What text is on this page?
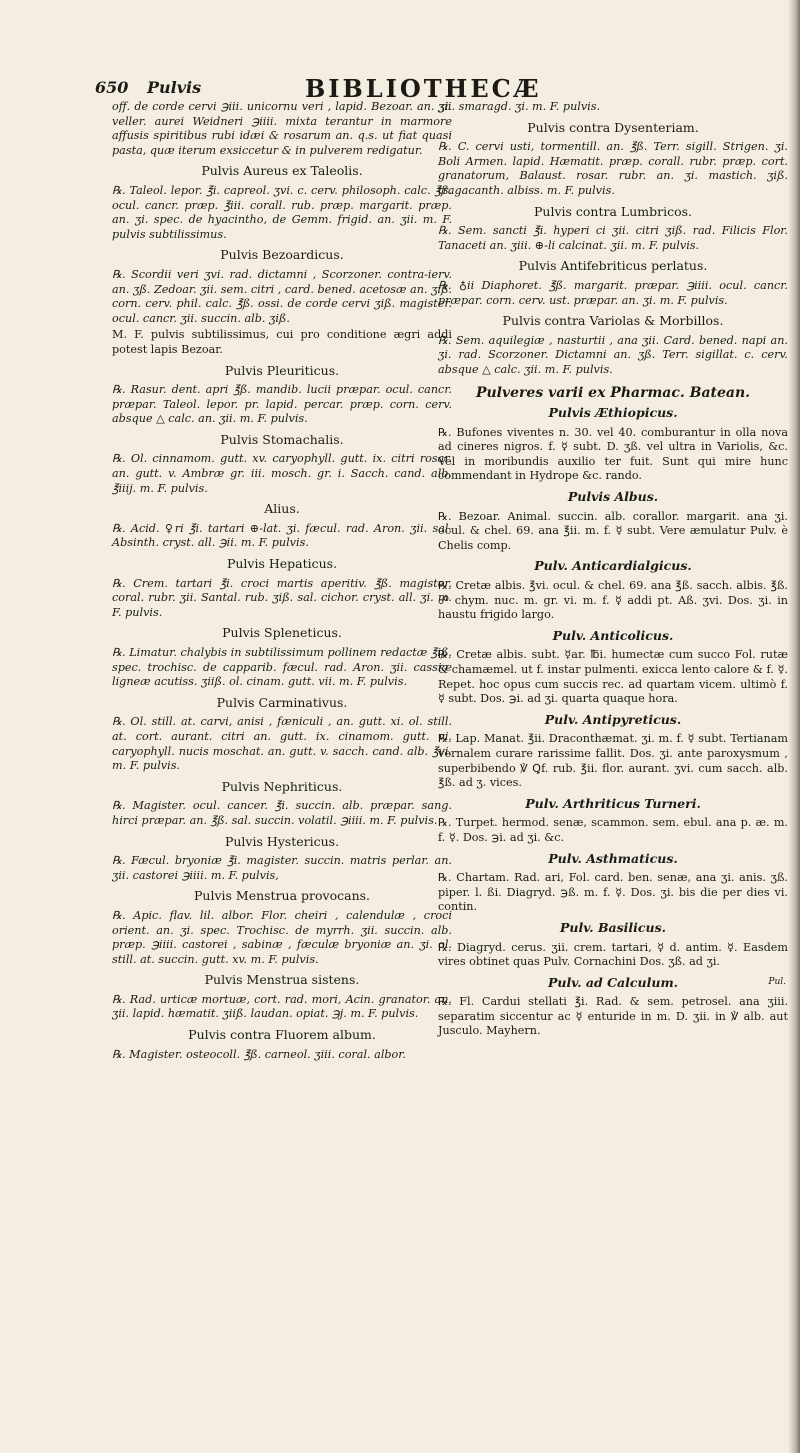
650 Pulvis	BIBLIOTHECÆ
off. de corde cervi ℈iii. unicornu veri , lapid. Bezoar. an. ʒi. veller. aurei Weidneri ℈iiii. mixta terantur in marmore affusis spiritibus rubi idæi & rosarum an. q.s. ut fiat quasi pasta, quæ iterum exsiccetur & in pulverem redigatur.
Pulvis Aureus ex Taleolis.
℞. Taleol. lepor. ℥i. capreol. ʒvi. c. cerv. philosoph. calc. ℥ß. ocul. cancr. præp. ℥iii. corall. rub. præp. margarit. præp. an. ʒi. spec. de hyacintho, de Gemm. frigid. an. ʒii. m. F. pulvis subtilissimus.
Pulvis Bezoardicus.
℞. Scordii veri ʒvi. rad. dictamni , Scorzoner. contra-ierv. an. ʒß. Zedoar. ʒii. sem. citri , card. bened. acetosæ an. ʒiß. corn. cerv. phil. calc. ℥ß. ossi. de corde cervi ʒiß. magister. ocul. cancr. ʒii. succin. alb. ʒiß.
M. F. pulvis subtilissimus, cui pro conditione ægri addi potest lapis Bezoar.
Pulvis Pleuriticus.
℞. Rasur. dent. apri ℥ß. mandib. lucii præpar. ocul. cancr. præpar. Taleol. lepor. pr. lapid. percar. præp. corn. cerv. absque △ calc. an. ʒii. m. F. pulvis.
Pulvis Stomachalis.
℞. Ol. cinnamom. gutt. xv. caryophyll. gutt. ix. citri rosar. an. gutt. v. Ambræ gr. iii. mosch. gr. i. Sacch. cand. alb. ℥iiij. m. F. pulvis.
Alius.
℞. Acid. ♀ri ℥i. tartari ⊕-lat. ʒi. fæcul. rad. Aron. ʒii. sal. Absinth. cryst. all. ℈ii. m. F. pulvis.
Pulvis Hepaticus.
℞. Crem. tartari ℥i. croci martis aperitiv. ℥ß. magister. coral. rubr. ʒii. Santal. rub. ʒiß. sal. cichor. cryst. all. ʒi. m. F. pulvis.
Pulvis Spleneticus.
℞. Limatur. chalybis in subtilissimum pollinem redactæ ℥iß. spec. trochisc. de capparib. fæcul. rad. Aron. ʒii. cassiæ ligneæ acutiss. ʒiiß. ol. cinam. gutt. vii. m. F. pulvis.
Pulvis Carminativus.
℞. Ol. still. at. carvi, anisi , fæniculi , an. gutt. xi. ol. still. at. cort. aurant. citri an. gutt. ix. cinamom. gutt. vi. caryophyll. nucis moschat. an. gutt. v. sacch. cand. alb. ℥vi. m. F. pulvis.
Pulvis Nephriticus.
℞. Magister. ocul. cancer. ℥i. succin. alb. præpar. sang. hirci præpar. an. ℥ß. sal. succin. volatil. ℈iiii. m. F. pulvis.
Pulvis Hystericus.
℞. Fæcul. bryoniæ ℥i. magister. succin. matris perlar. an. ʒii. castorei ℈iiii. m. F. pulvis,
Pulvis Menstrua provocans.
℞. Apic. flav. lil. albor. Flor. cheiri , calendulæ , croci orient. an. ʒi. spec. Trochisc. de myrrh. ʒii. succin. alb. præp. ℈iiii. castorei , sabinæ , fæculæ bryoniæ an. ʒi. ol. still. at. succin. gutt. xv. m. F. pulvis.
Pulvis Menstrua sistens.
℞. Rad. urticæ mortuæ, cort. rad. mori, Acin. granator. an. ʒii. lapid. hæmatit. ʒiiß. laudan. opiat. ℈j. m. F. pulvis.
Pulvis contra Fluorem album.
℞. Magister. osteocoll. ℥ß. carneol. ʒiii. coral. albor.
ʒii. smaragd. ʒi. m. F. pulvis.
Pulvis contra Dysenteriam.
℞. C. cervi usti, tormentill. an. ℥ß. Terr. sigill. Strigen. ʒi. Boli Armen. lapid. Hæmatit. præp. corall. rubr. præp. cort. granatorum, Balaust. rosar. rubr. an. ʒi. mastich. ʒiß. tragacanth. albiss. m. F. pulvis.
Pulvis contra Lumbricos.
℞. Sem. sancti ℥i. hyperi ci ʒii. citri ʒiß. rad. Filicis Flor. Tanaceti an. ʒiii. ⊕-li calcinat. ʒii. m. F. pulvis.
Pulvis Antifebriticus perlatus.
℞. ♁ii Diaphoret. ℥ß. margarit. præpar. ℈iiii. ocul. cancr. præpar. corn. cerv. ust. præpar. an. ʒi. m. F. pulvis.
Pulvis contra Variolas & Morbillos.
℞. Sem. aquilegiæ , nasturtii , ana ʒii. Card. bened. napi an. ʒi. rad. Scorzoner. Dictamni an. ʒß. Terr. sigillat. c. cerv. absque △ calc. ʒii. m. F. pulvis.
Pulveres varii ex Pharmac. Batean.
Pulvis Æthiopicus.
℞. Bufones viventes n. 30. vel 40. comburantur in olla nova ad cineres nigros. f. ☿ subt. D. ʒß. vel ultra in Variolis, &c. Vel in moribundis auxilio ter fuit. Sunt qui mire hunc commendant in Hydrope &c. rando.
Pulvis Albus.
℞. Bezoar. Animal. succin. alb. corallor. margarit. ana ʒi. ocul. & chel. 69. ana ℥ii. m. f. ☿ subt. Vere æmulatur Pulv. è Chelis comp.
Pulv. Anticardialgicus.
℞. Cretæ albis. ℥vi. ocul. & chel. 69. ana ℥ß. sacch. albis. ℥ß. ☍ chym. nuc. m. gr. vi. m. f. ☿ addi pt. Aß. ʒvi. Dos. ʒi. in haustu frigido largo.
Pulv. Anticolicus.
℞. Cretæ albis. subt. ☿ar. ℔i. humectæ cum succo Fol. rutæ & chamæmel. ut f. instar pulmenti. exicca lento calore & f. ☿. Repet. hoc opus cum succis rec. ad quartam vicem. ultimò f. ☿ subt. Dos. ℈i. ad ʒi. quarta quaque hora.
Pulv. Antipyreticus.
℞. Lap. Manat. ℥ii. Draconthæmat. ʒi. m. f. ☿ subt. Tertianam vernalem curare rarissime fallit. Dos. ʒi. ante paroxysmum , superbibendo ℣ Ꝗf. rub. ℥ii. flor. aurant. ʒvi. cum sacch. alb. ℥ß. ad ʒ. vices.
Pulv. Arthriticus Turneri.
℞. Turpet. hermod. senæ, scammon. sem. ebul. ana p. æ. m. f. ☿. Dos. ℈i. ad ʒi. &c.
Pulv. Asthmaticus.
℞. Chartam. Rad. ari, Fol. card. ben. senæ, ana ʒi. anis. ʒß. piper. l. ßi. Diagryd. ℈ß. m. f. ☿. Dos. ʒi. bis die per dies vi. contin.
Pulv. Basilicus.
℞. Diagryd. cerus. ʒii. crem. tartari, ☿ d. antim. ☿. Easdem vires obtinet quas Pulv. Cornachini Dos. ʒß. ad ʒi.
Pulv. ad Calculum.
℞. Fl. Cardui stellati ℥i. Rad. & sem. petrosel. ana ʒiii. separatim siccentur ac ☿ enturide in m. D. ʒii. in ℣ alb. aut Jusculo. Mayhern.
Pul.
